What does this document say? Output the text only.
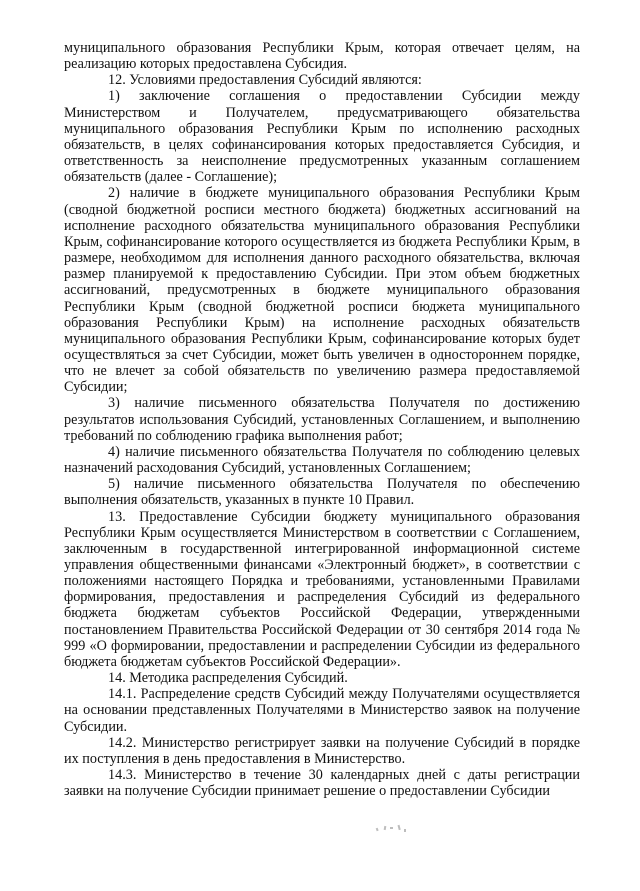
муниципального образования Республики Крым, которая отвечает целям, на реализацию которых предоставлена Субсидия.

12. Условиями предоставления Субсидий являются:

1) заключение соглашения о предоставлении Субсидии между Министерством и Получателем, предусматривающего обязательства муниципального образования Республики Крым по исполнению расходных обязательств, в целях софинансирования которых предоставляется Субсидия, и ответственность за неисполнение предусмотренных указанным соглашением обязательств (далее - Соглашение);

2) наличие в бюджете муниципального образования Республики Крым (сводной бюджетной росписи местного бюджета) бюджетных ассигнований на исполнение расходного обязательства муниципального образования Республики Крым, софинансирование которого осуществляется из бюджета Республики Крым, в размере, необходимом для исполнения данного расходного обязательства, включая размер планируемой к предоставлению Субсидии. При этом объем бюджетных ассигнований, предусмотренных в бюджете муниципального образования Республики Крым (сводной бюджетной росписи бюджета муниципального образования Республики Крым) на исполнение расходных обязательств муниципального образования Республики Крым, софинансирование которых будет осуществляться за счет Субсидии, может быть увеличен в одностороннем порядке, что не влечет за собой обязательств по увеличению размера предоставляемой Субсидии;

3) наличие письменного обязательства Получателя по достижению результатов использования Субсидий, установленных Соглашением, и выполнению требований по соблюдению графика выполнения работ;

4) наличие письменного обязательства Получателя по соблюдению целевых назначений расходования Субсидий, установленных Соглашением;

5) наличие письменного обязательства Получателя по обеспечению выполнения обязательств, указанных в пункте 10 Правил.

13. Предоставление Субсидии бюджету муниципального образования Республики Крым осуществляется Министерством в соответствии с Соглашением, заключенным в государственной интегрированной информационной системе управления общественными финансами «Электронный бюджет», в соответствии с положениями настоящего Порядка и требованиями, установленными Правилами формирования, предоставления и распределения Субсидий из федерального бюджета бюджетам субъектов Российской Федерации, утвержденными постановлением Правительства Российской Федерации от 30 сентября 2014 года № 999 «О формировании, предоставлении и распределении Субсидии из федерального бюджета бюджетам субъектов Российской Федерации».

14. Методика распределения Субсидий.

14.1. Распределение средств Субсидий между Получателями осуществляется на основании представленных Получателями в Министерство заявок на получение Субсидии.

14.2. Министерство регистрирует заявки на получение Субсидий в порядке их поступления в день предоставления в Министерство.

14.3. Министерство в течение 30 календарных дней с даты регистрации заявки на получение Субсидии принимает решение о предоставлении Субсидии
